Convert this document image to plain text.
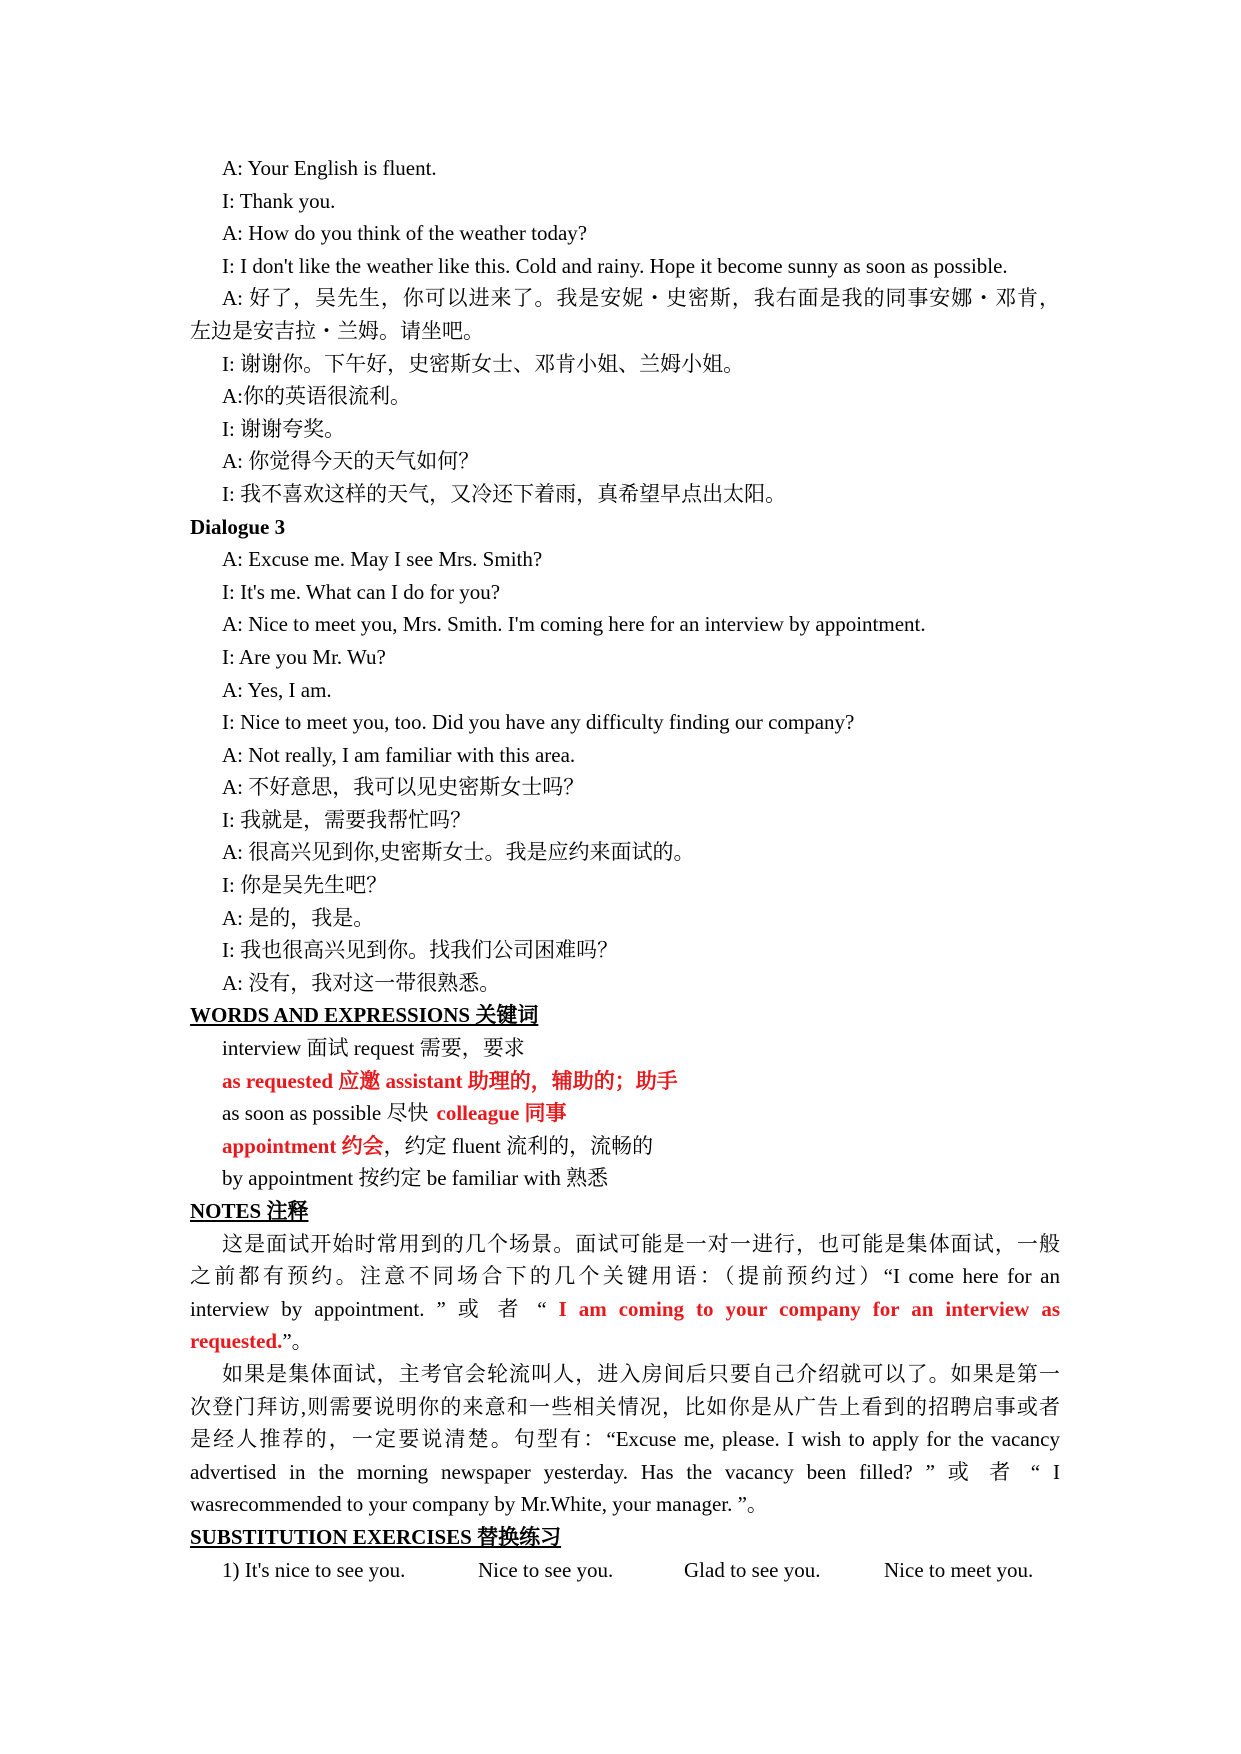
A: Your English is fluent.
I: Thank you.
A: How do you think of the weather today?
I: I don't like the weather like this. Cold and rainy. Hope it become sunny as soon as possible.
A: 好了，吴先生，你可以进来了。我是安妮・史密斯，我右面是我的同事安娜・邓肯，
左边是安吉拉・兰姆。请坐吧。
I: 谢谢你。下午好，史密斯女士、邓肯小姐、兰姆小姐。
A:你的英语很流利。
I: 谢谢夸奖。
A: 你觉得今天的天气如何？
I: 我不喜欢这样的天气，又冷还下着雨，真希望早点出太阳。
Dialogue 3
A: Excuse me. May I see Mrs. Smith?
I: It's me. What can I do for you?
A: Nice to meet you, Mrs. Smith. I'm coming here for an interview by appointment.
I: Are you Mr. Wu?
A: Yes, I am.
I: Nice to meet you, too. Did you have any difficulty finding our company?
A: Not really, I am familiar with this area.
A: 不好意思，我可以见史密斯女士吗？
I: 我就是，需要我帮忙吗？
A: 很高兴见到你,史密斯女士。我是应约来面试的。
I: 你是吴先生吧？
A: 是的，我是。
I: 我也很高兴见到你。找我们公司困难吗？
A: 没有，我对这一带很熟悉。
WORDS AND EXPRESSIONS 关键词
interview 面试 request 需要，要求
as requested 应邀 assistant 助理的，辅助的；助手
as soon as possible 尽快 colleague 同事
appointment 约会，约定 fluent 流利的，流畅的
by appointment 按约定 be familiar with 熟悉
NOTES 注释
这是面试开始时常用到的几个场景。面试可能是一对一进行，也可能是集体面试，一般
之前都有预约。注意不同场合下的几个关键用语：（提前预约过）“I come here for an
interview by appointment. ” 或 者 “ I am coming to your company for an interview as
requested.”。
如果是集体面试，主考官会轮流叫人，进入房间后只要自己介绍就可以了。如果是第一
次登门拜访,则需要说明你的来意和一些相关情况，比如你是从广告上看到的招聘启事或者
是经人推荐的，一定要说清楚。句型有：“Excuse me, please. I wish to apply for the vacancy
advertised in the morning newspaper yesterday. Has the vacancy been filled? ” 或 者 “ I
wasrecommended to your company by Mr.White, your manager. ”。
SUBSTITUTION EXERCISES 替换练习
1) It's nice to see you.	Nice to see you.	Glad to see you.	Nice to meet you.
